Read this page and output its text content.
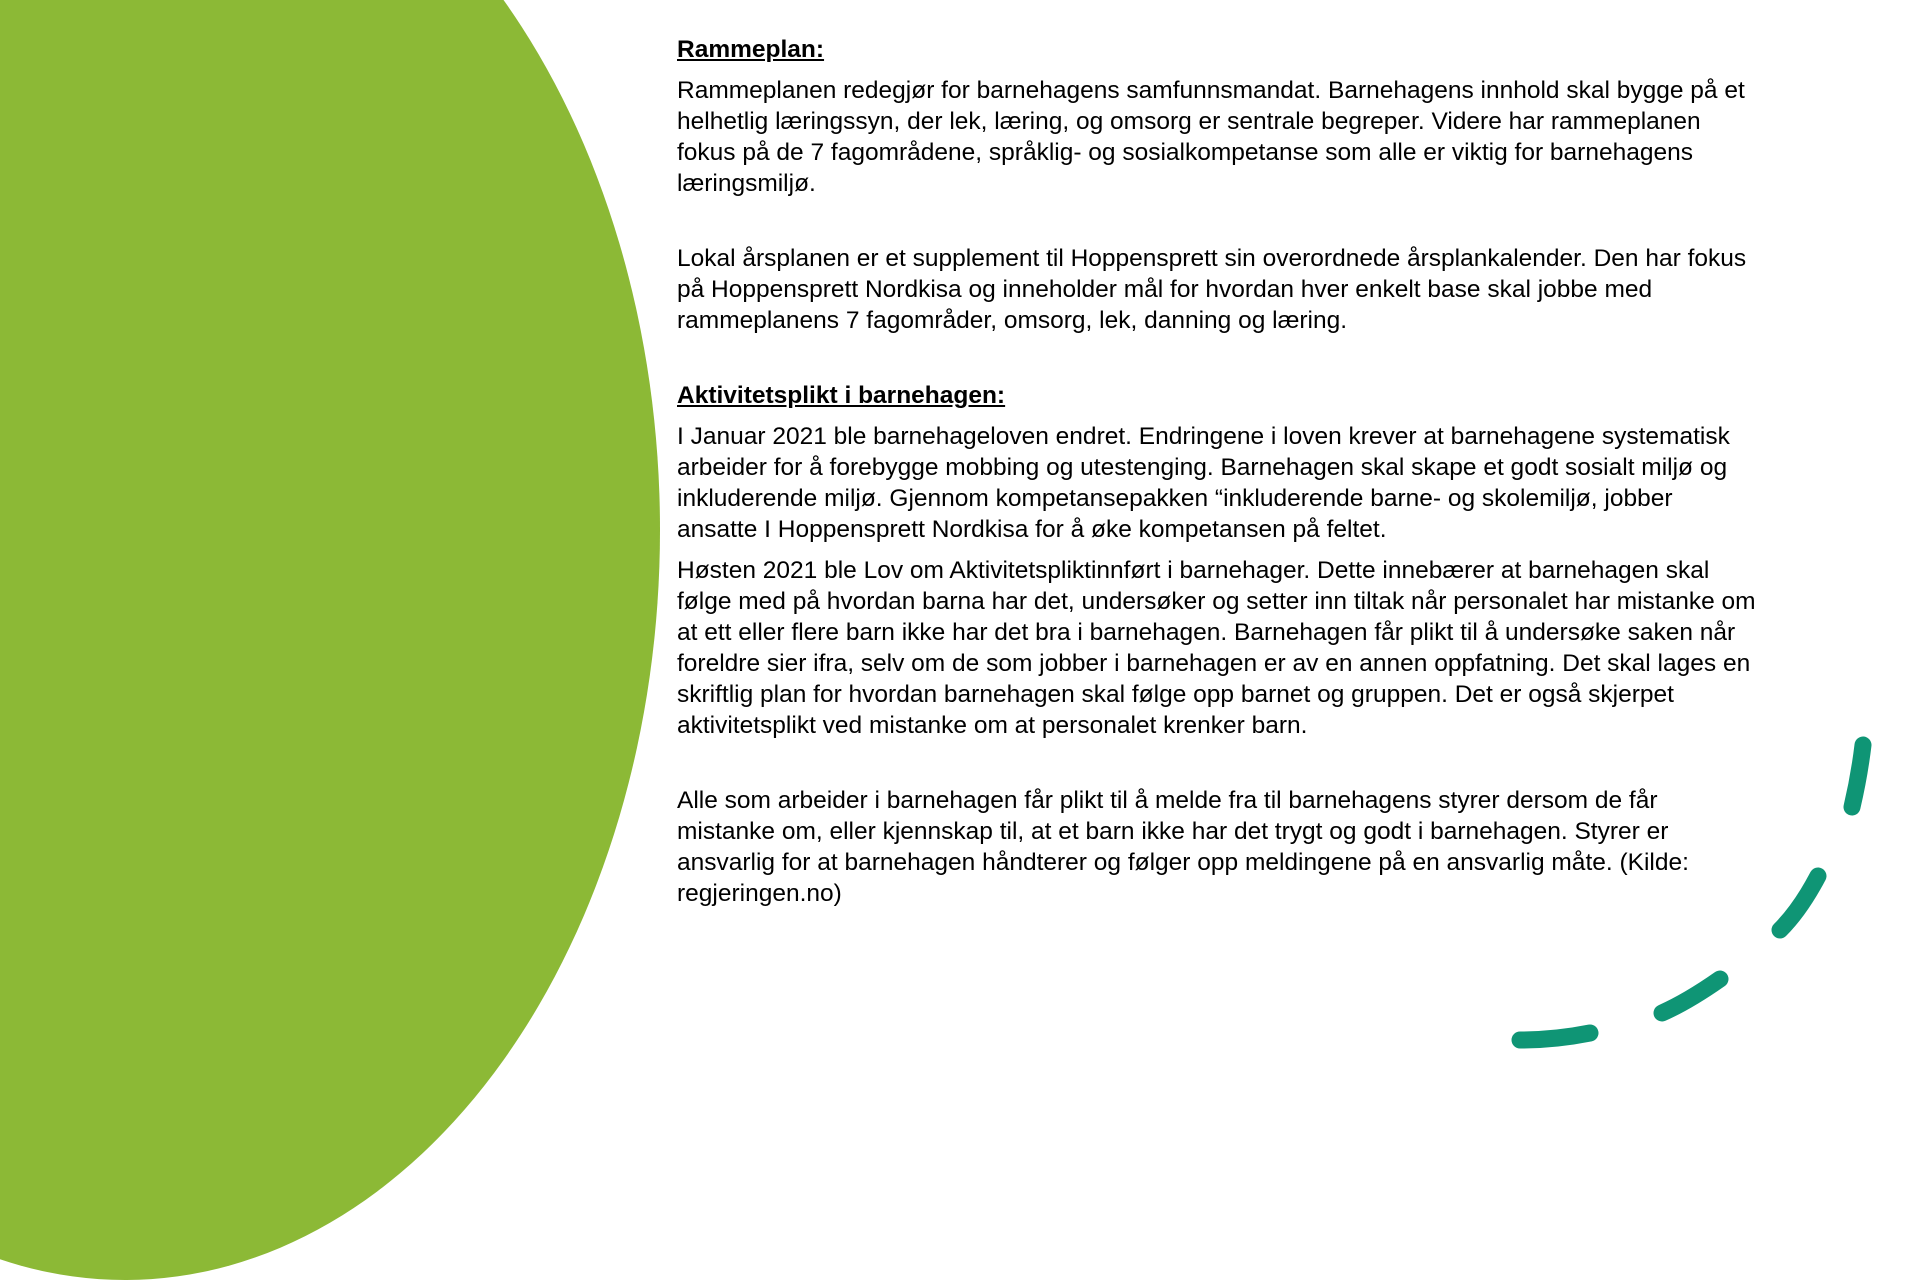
Rammeplan:

Rammeplanen redegjør for barnehagens samfunnsmandat. Barnehagens innhold skal bygge på et helhetlig læringssyn, der lek, læring, og omsorg er sentrale begreper. Videre har rammeplanen fokus på de 7 fagområdene, språklig- og sosialkompetanse som alle er viktig for barnehagens læringsmiljø.

Lokal årsplanen er et supplement til Hoppensprett sin overordnede årsplankalender. Den har fokus på Hoppensprett Nordkisa og inneholder mål for hvordan hver enkelt base skal jobbe med rammeplanens 7 fagområder, omsorg, lek, danning og læring.

Aktivitetsplikt i barnehagen:

I Januar 2021 ble barnehageloven endret. Endringene i loven krever at barnehagene systematisk arbeider for å forebygge mobbing og utestenging. Barnehagen skal skape et godt sosialt miljø og inkluderende miljø. Gjennom kompetansepakken “inkluderende barne- og skolemiljø, jobber ansatte I Hoppensprett Nordkisa for å øke kompetansen på feltet.

Høsten 2021 ble Lov om Aktivitetspliktinnført i barnehager. Dette innebærer at barnehagen skal følge med på hvordan barna har det, undersøker og setter inn tiltak når personalet har mistanke om at ett eller flere barn ikke har det bra i barnehagen. Barnehagen får plikt til å undersøke saken når foreldre sier ifra, selv om de som jobber i barnehagen er av en annen oppfatning. Det skal lages en skriftlig plan for hvordan barnehagen skal følge opp barnet og gruppen. Det er også skjerpet aktivitetsplikt ved mistanke om at personalet krenker barn.

Alle som arbeider i barnehagen får plikt til å melde fra til barnehagens styrer dersom de får mistanke om, eller kjennskap til, at et barn ikke har det trygt og godt i barnehagen. Styrer er ansvarlig for at barnehagen håndterer og følger opp meldingene på en ansvarlig måte. (Kilde: regjeringen.no)
